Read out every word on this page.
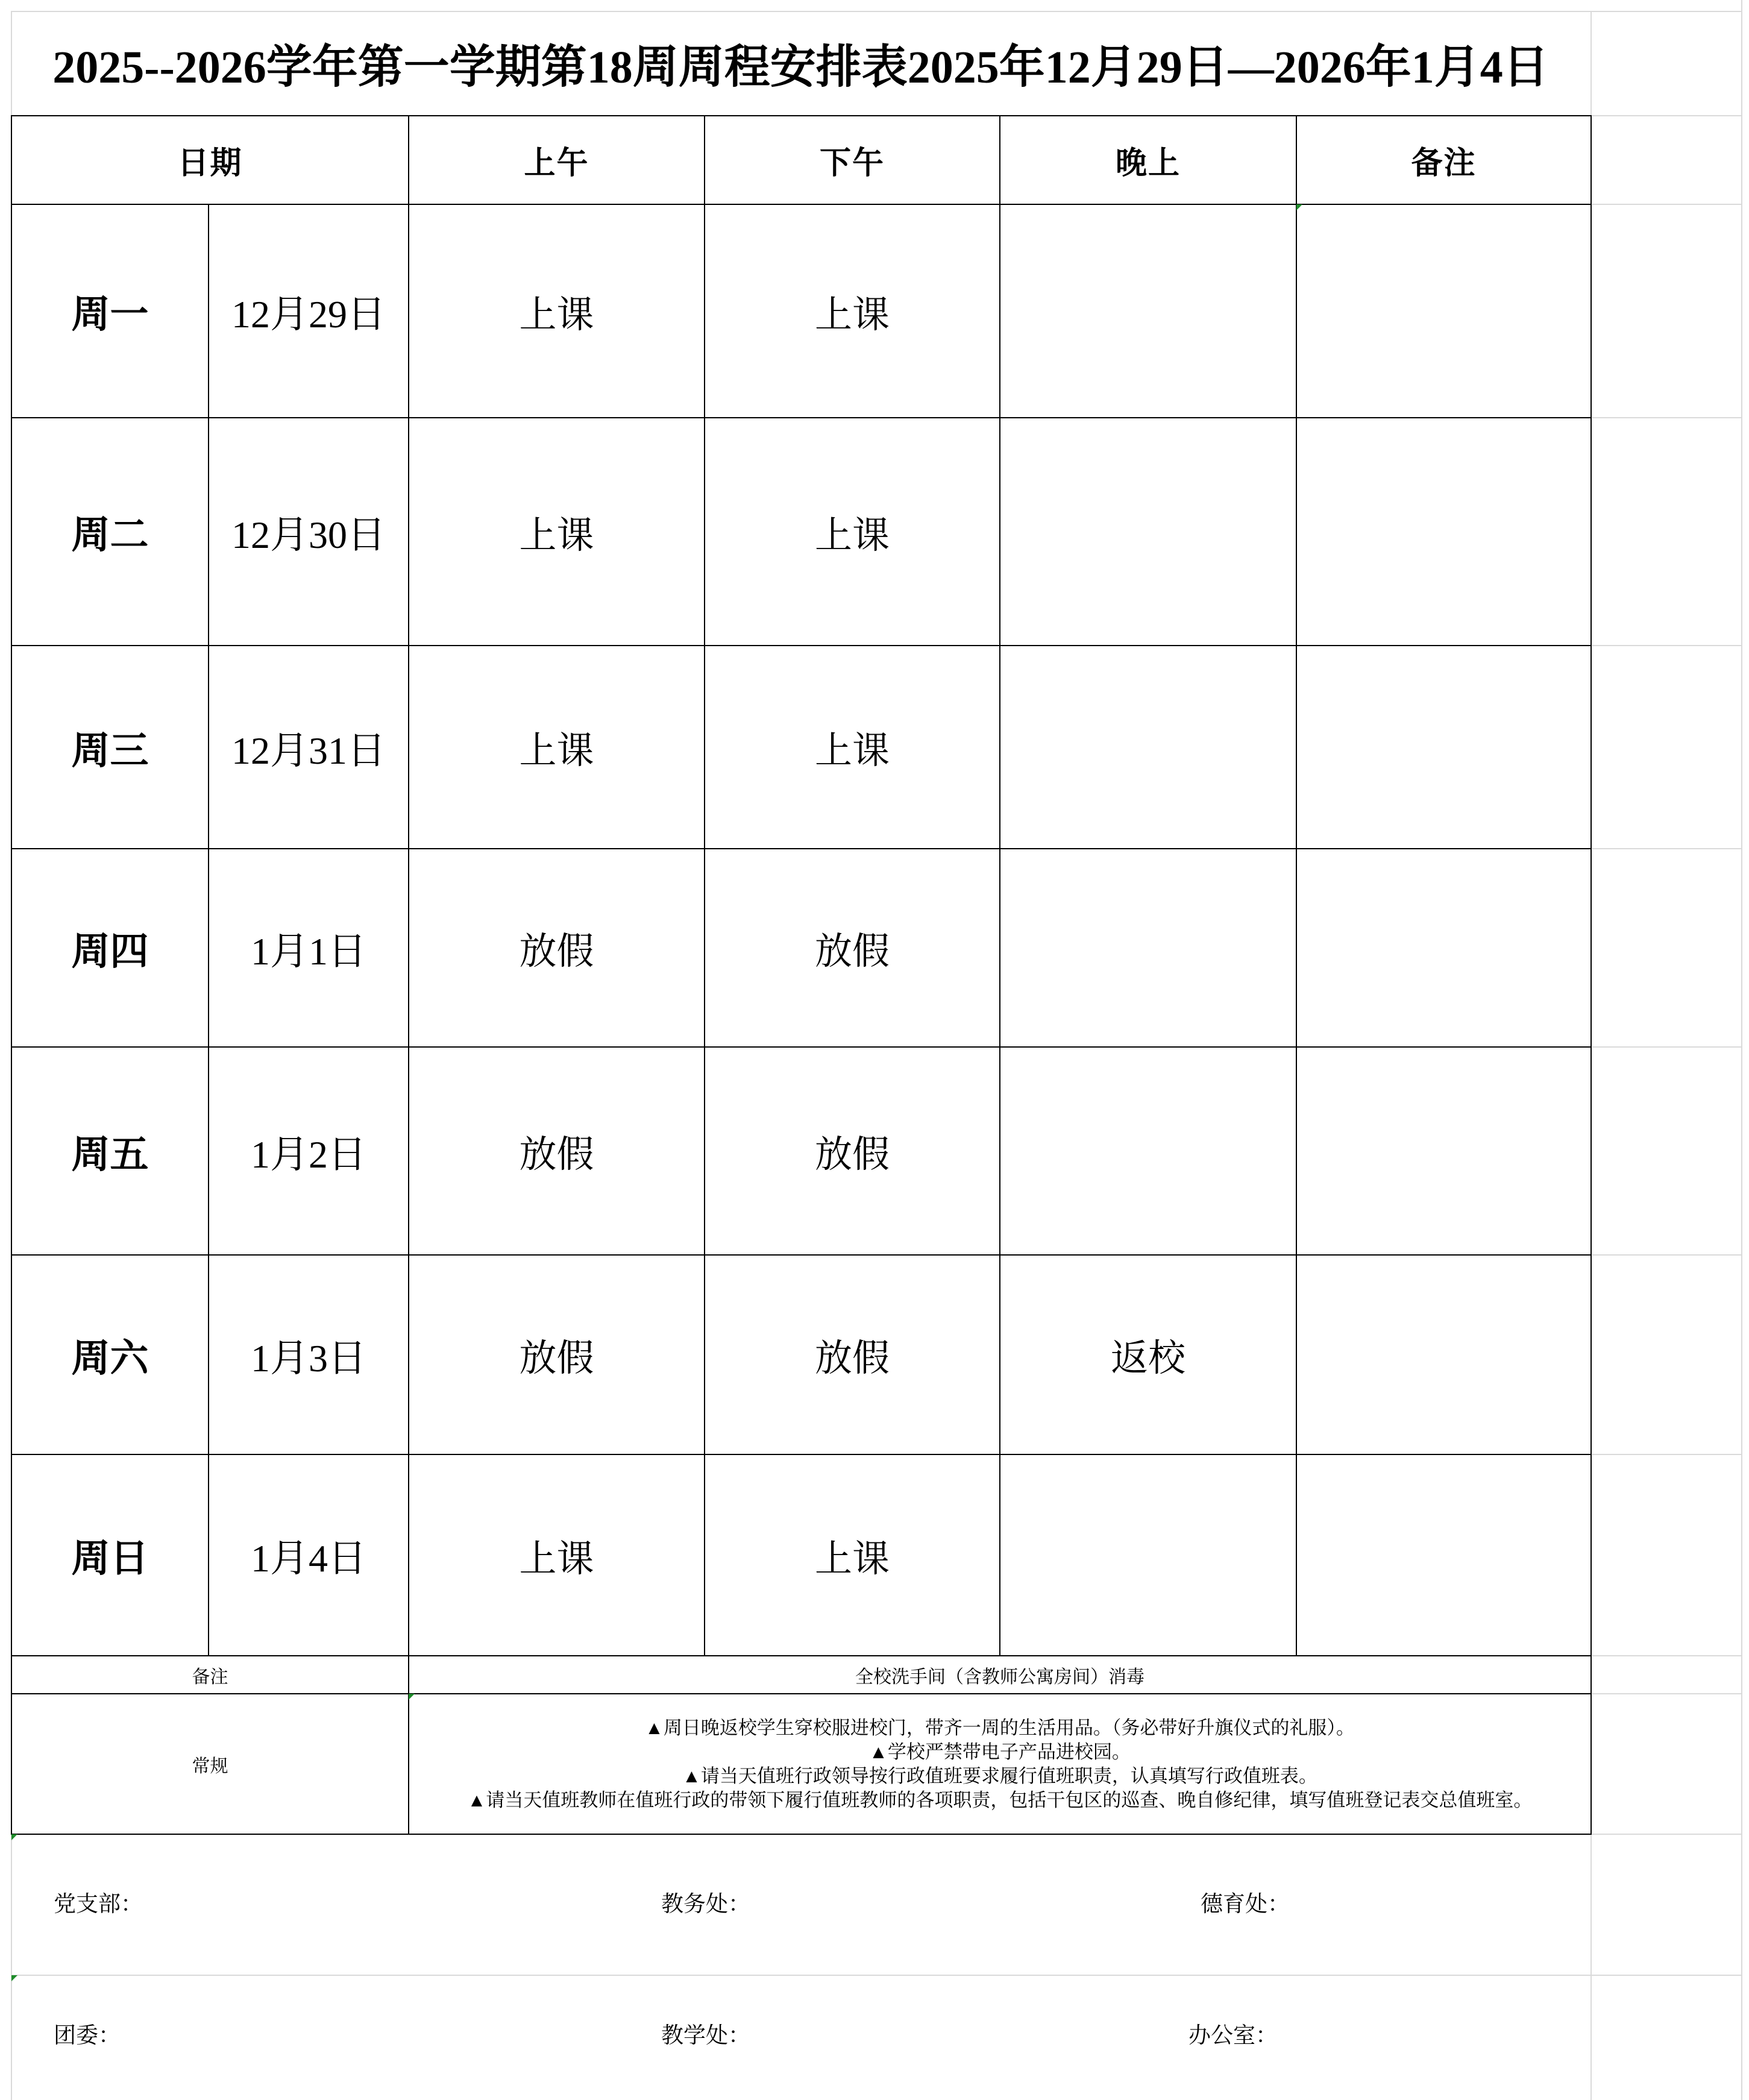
2025--2026学年第一学期第18周周程安排表2025年12月29日—2026年1月4日
日期		上午	下午	晚上	备注
周一	12月29日	上课	上课		
周二	12月30日	上课	上课		
周三	12月31日	上课	上课		
周四	1月1日	放假	放假		
周五	1月2日	放假	放假		
周六	1月3日	放假	放假	返校	
周日	1月4日	上课	上课		
备注		全校洗手间（含教师公寓房间）消毒			
常规		▲周日晚返校学生穿校服进校门，带齐一周的生活用品。（务必带好升旗仪式的礼服）。
▲学校严禁带电子产品进校园。
▲请当天值班行政领导按行政值班要求履行值班职责，认真填写行政值班表。
▲请当天值班教师在值班行政的带领下履行值班教师的各项职责，包括干包区的巡查、晚自修纪律，填写值班登记表交总值班室。			
党支部：	教务处：	德育处：
团委：	教学处：	办公室：
